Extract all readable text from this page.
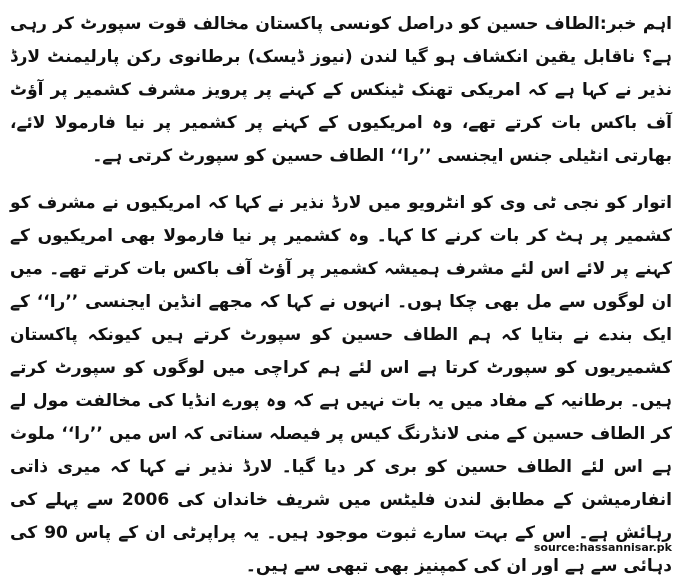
اہم خبر:الطاف حسین کو دراصل کونسی پاکستان مخالف قوت سپورٹ کر رہی ہے؟ ناقابل یقین انکشاف ہو گیا لندن (نیوز ڈیسک) برطانوی رکن پارلیمنٹ لارڈ نذیر نے کہا ہے کہ امریکی تھنک ٹینکس کے کہنے پر پرویز مشرف کشمیر پر آؤٹ آف باکس بات کرتے تھے، وہ امریکیوں کے کہنے پر کشمیر پر نیا فارمولا لائے، بھارتی انٹیلی جنس ایجنسی ’’را‘‘ الطاف حسین کو سپورٹ کرتی ہے۔

اتوار کو نجی ٹی وی کو انٹرویو میں لارڈ نذیر نے کہا کہ امریکیوں نے مشرف کو کشمیر پر ہٹ کر بات کرنے کا کہا۔ وہ کشمیر پر نیا فارمولا بھی امریکیوں کے کہنے پر لائے اس لئے مشرف ہمیشہ کشمیر پر آؤٹ آف باکس بات کرتے تھے۔ میں ان لوگوں سے مل بھی چکا ہوں۔ انہوں نے کہا کہ مجھے انڈین ایجنسی ’’را‘‘ کے ایک بندے نے بتایا کہ ہم الطاف حسین کو سپورٹ کرتے ہیں کیونکہ پاکستان کشمیریوں کو سپورٹ کرتا ہے اس لئے ہم کراچی میں لوگوں کو سپورٹ کرتے ہیں۔ برطانیہ کے مفاد میں یہ بات نہیں ہے کہ وہ پورے انڈیا کی مخالفت مول لے کر الطاف حسین کے منی لانڈرنگ کیس پر فیصلہ سناتی کہ اس میں ’’را‘‘ ملوث ہے اس لئے الطاف حسین کو بری کر دیا گیا۔ لارڈ نذیر نے کہا کہ میری ذاتی انفارمیشن کے مطابق لندن فلیٹس میں شریف خاندان کی 2006 سے پہلے کی رہائش ہے۔ اس کے بہت سارے ثبوت موجود ہیں۔ یہ پراپرٹی ان کے پاس 90 کی دہائی سے ہے اور ان کی کمپنیز بھی تبھی سے ہیں۔

source:hassannisar.pk
